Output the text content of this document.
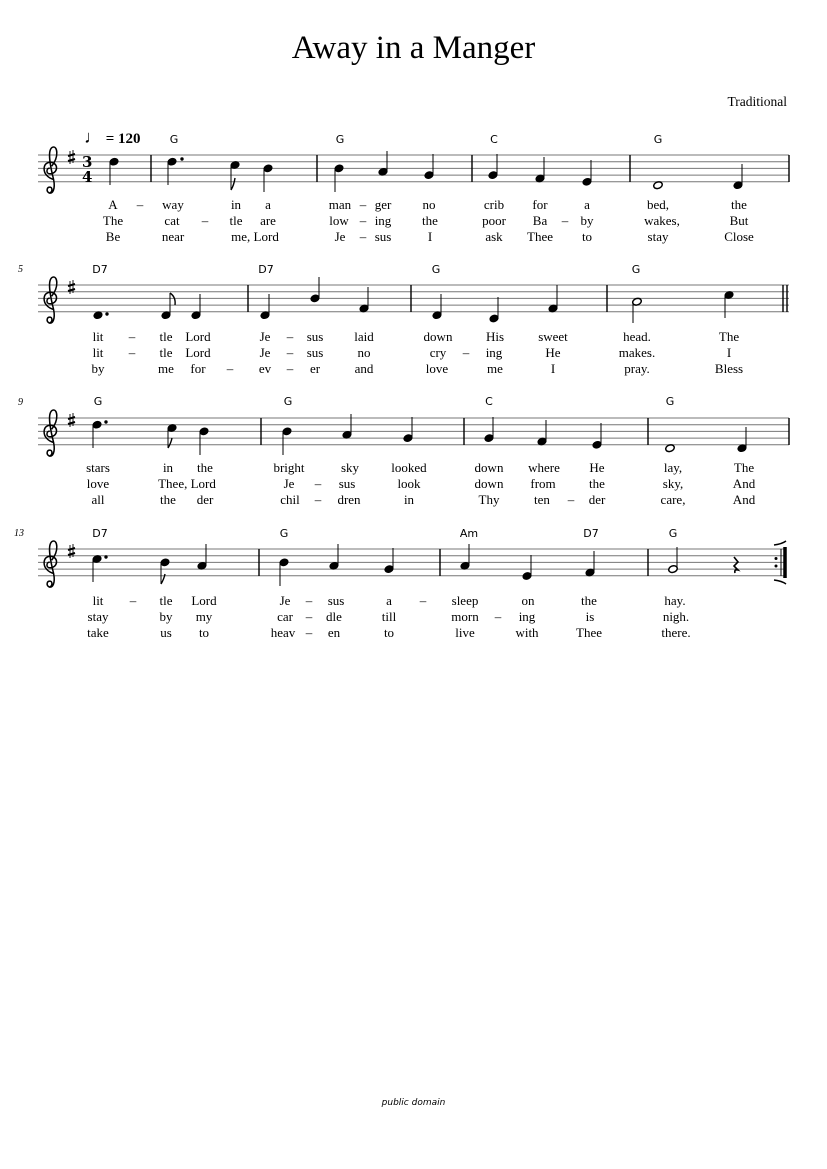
Away in a Manger
Traditional
♩ = 120
3
4
5
9
13
G	G	C	G
D7	D7	G	G
G	G	C	G
D7	G	Am	D7	G
A – way	in a	man – ger no	crib for	a	bed,	the
The	cat – tle are	low – ing the	poor Ba – by	wakes,	But
Be	near	me, Lord	Je – sus	I	ask Thee to	stay	Close
lit – tle Lord	Je – sus laid	down	His	sweet	head.	The
lit – tle Lord	Je – sus	no	cry – ing	He	makes.	I
by	me for – ev – er	and	love	me	I	pray.	Bless
stars	in the	bright	sky looked	down where He	lay,	The
love	Thee, Lord	Je – sus	look	down from	the	sky,	And
all	the der	chil – dren	in	Thy	ten – der	care,	And
lit – tle Lord	Je – sus	a – sleep	on	the	hay.
stay	by my	car – dle	till	morn – ing	is	nigh.
take	us to	heav – en	to	live	with	Thee	there.
public domain
